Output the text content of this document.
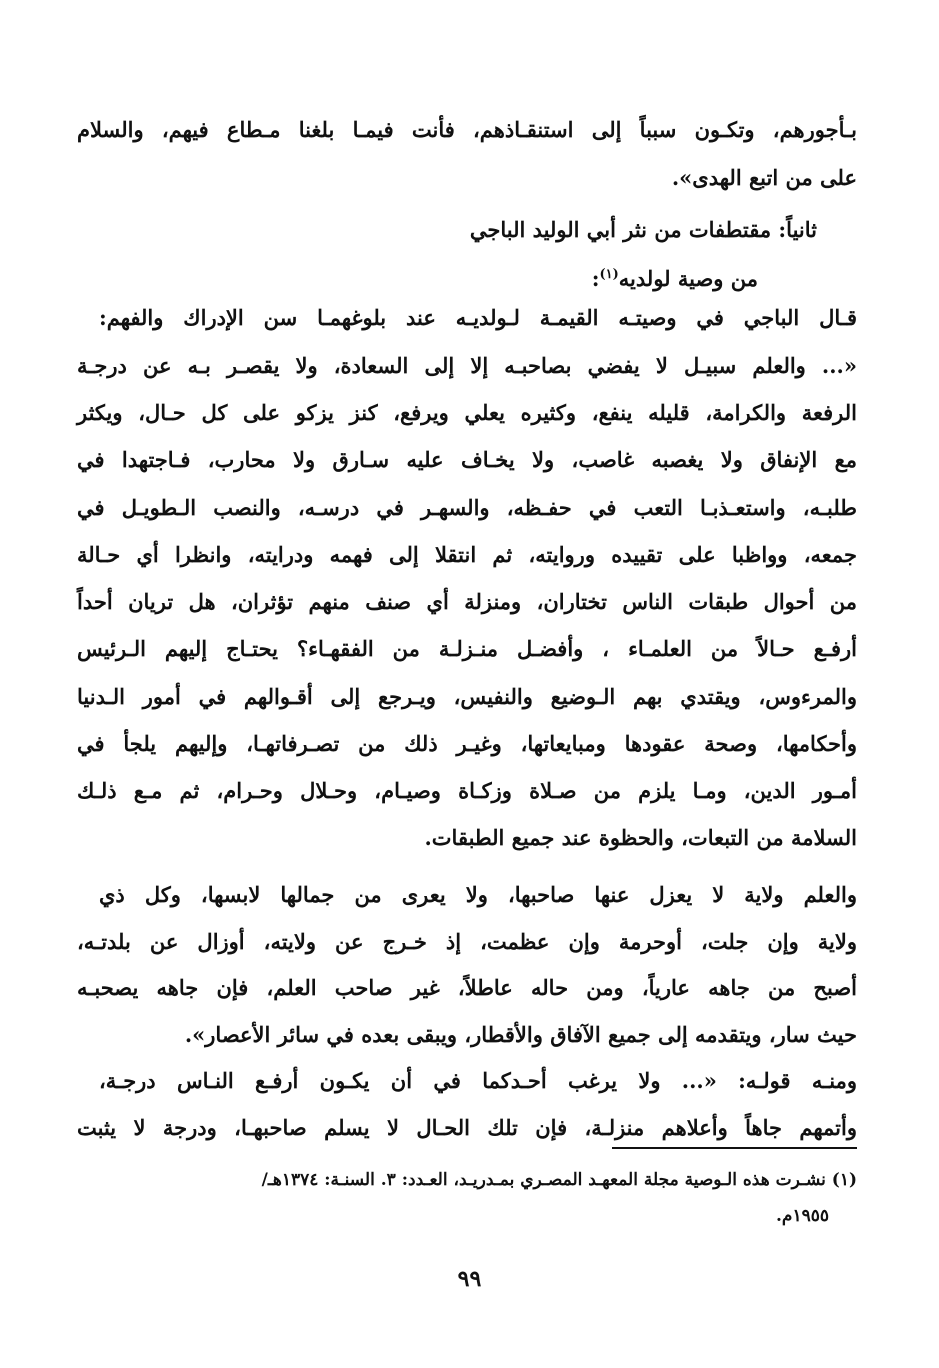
بـأجورهم، وتكـون سبباً إلى استنقـاذهم، فأنت فيمـا بلغنا مـطاع فيهم، والسلام
على من اتبع الهدى».
ثانياً: مقتطفات من نثر أبي الوليد الباجي
من وصية لولديه$^{(١)}$:
قـال الباجي في وصيتـه القيمـة لـولديـه عند بلوغهمـا سن الإدراك والفهم:
«... والعلم سبيـل لا يفضي بصاحبـه إلا إلى السعادة، ولا يقصـر بـه عن درجـة
الرفعة والكرامة، قليله ينفع، وكثيره يعلي ويرفع، كنز يزكو على كل حـال، ويكثر
مع الإنفاق ولا يغصبه غاصب، ولا يخـاف عليه سـارق ولا محارب، فـاجتهدا في
طلبـه، واستعـذبـا التعب في حفـظه، والسهـر في درسـه، والنصب الـطويـل في
جمعه، وواظبا على تقييده وروايته، ثم انتقلا إلى فهمه ودرايته، وانظرا أي حـالة
من أحوال طبقات الناس تختاران، ومنزلة أي صنف منهم تؤثران، هل تريان أحداً
أرفـع حـالاً من العلمـاء ، وأفضـل منـزلـة من الفقهـاء؟ يحتـاج إليهم الـرئيس
والمرءوس، ويقتدي بهم الـوضيع والنفيس، ويـرجع إلى أقـوالهم في أمور الـدنيا
وأحكامها، وصحة عقودها ومبايعاتها، وغيـر ذلك من تصـرفاتهـا، وإليهم يلجأ في
أمـور الدين، ومـا يلزم من صـلاة وزكـاة وصيـام، وحـلال وحـرام، ثم مـع ذلـك
السلامة من التبعات، والحظوة عند جميع الطبقات.
والعلم ولاية لا يعزل عنها صاحبها، ولا يعرى من جمالها لابسها، وكل ذي
ولاية وإن جلت، أوحرمة وإن عظمت، إذ خـرج عن ولايته، أوزال عن بلدتـه،
أصبح من جاهه عارياً، ومن حاله عاطلاً، غير صاحب العلم، فإن جاهه يصحبـه
حيث سار، ويتقدمه إلى جميع الآفاق والأقطار، ويبقى بعده في سائر الأعصار».
ومنـه قولـه: «... ولا يرغب أحـدكما في أن يكـون أرفـع النـاس درجـة،
وأتمهم جاهاً وأعلاهم منزلـة، فإن تلك الحـال لا يسلم صاحبهـا، ودرجة لا يثبت
(١) نشـرت هذه الـوصية مجلة المعهـد المصـري بمـدريـد، العـدد: ٣. السنـة: ١٣٧٤هـ/
١٩٥٥م.
٩٩
